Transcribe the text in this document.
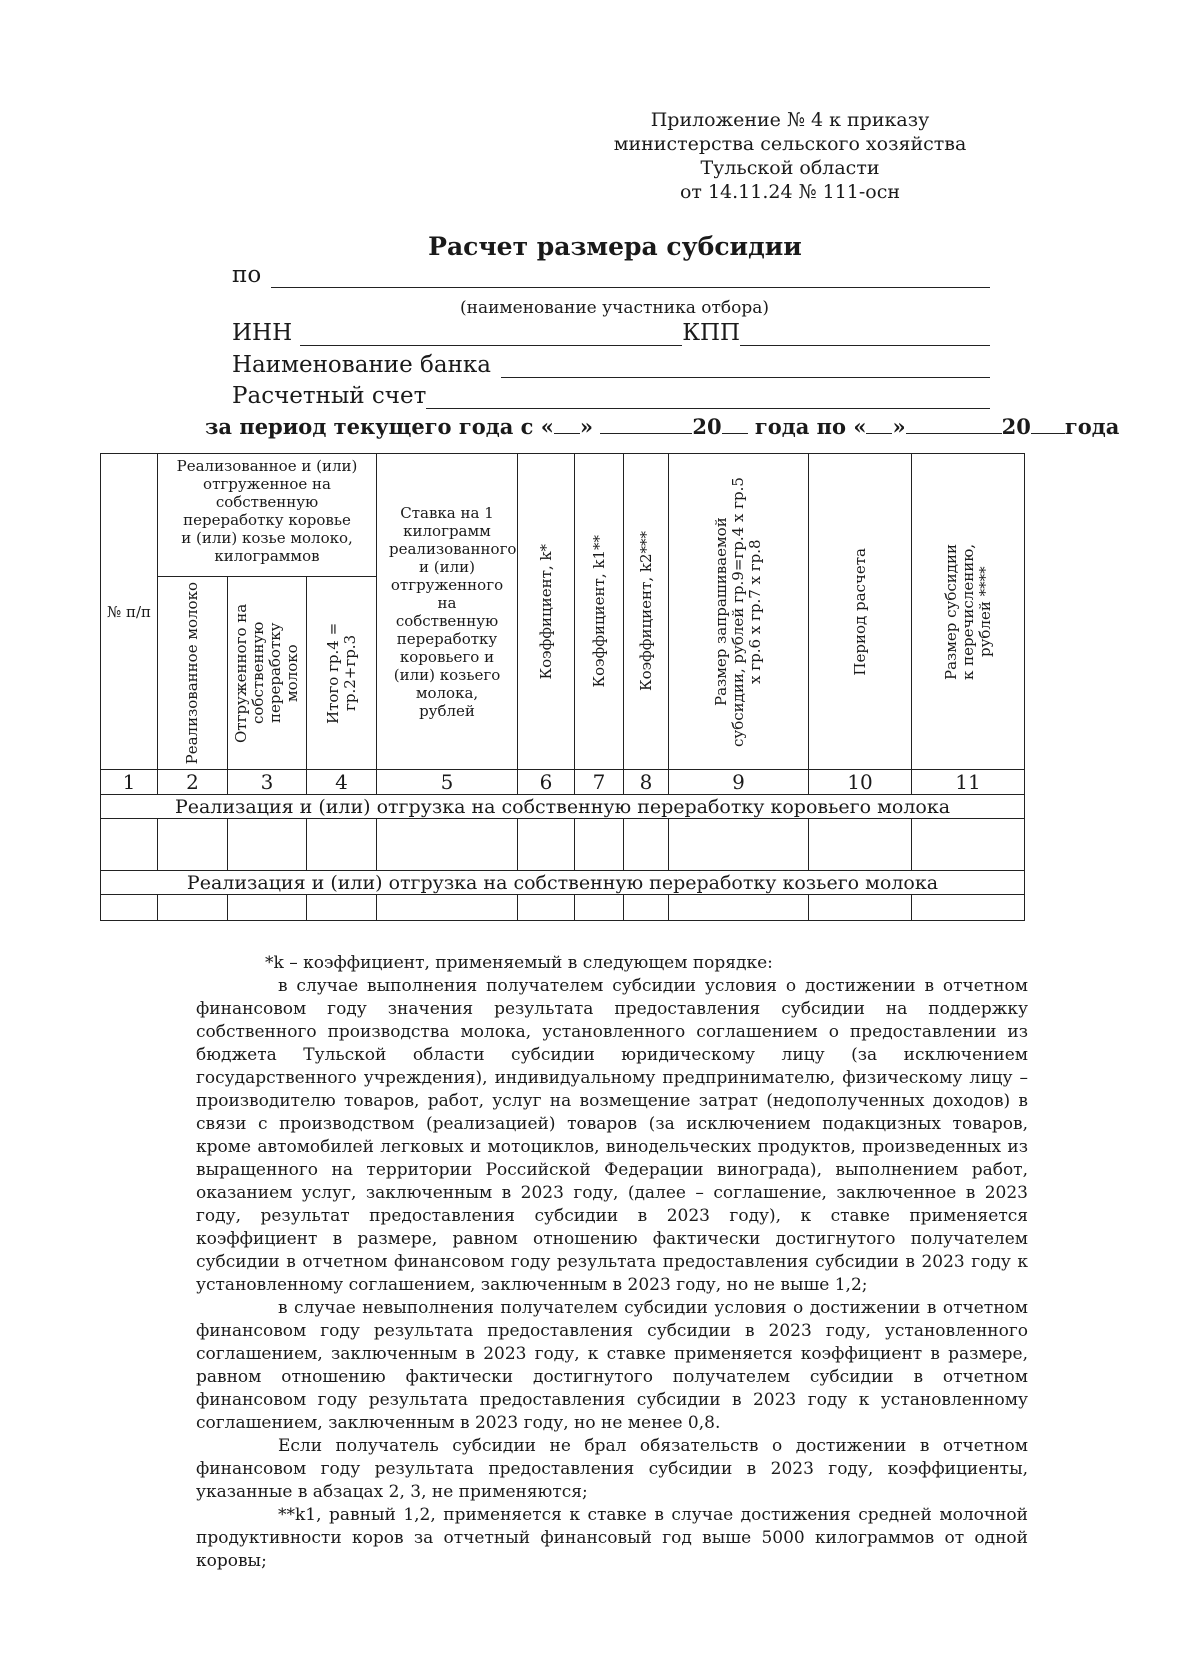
Приложение № 4 к приказу
министерства сельского хозяйства
Тульской области
от 14.11.24 № 111-осн
Расчет размера субсидии
по
(наименование участника отбора)
ИНН	КПП
Наименование банка
Расчетный счет
за период текущего года с « »	20 года по « »	20 года
№ п/п	Реализованное и (или) отгруженное на собственную переработку коровье и (или) козье молоко, килограммов			Ставка на 1 килограмм реализованного и (или) отгруженного на собственную переработку коровьего и (или) козьего молока, рублей	Коэффициент, k*	Коэффициент, k1**	Коэффициент, k2***	Размер запрашиваемой субсидии, рублей гр.9=гр.4 х гр.5 х гр.6 х гр.7 х гр.8	Период расчета	Размер субсидии к перечислению, рублей ****

	Реализованное молоко	Отгруженного на собственную переработку молоко	Итого гр.4 = гр.2+гр.3							

1	2	3	4	5	6	7	8	9	10	11
Реализация и (или) отгрузка на собственную переработку коровьего молока										

Реализация и (или) отгрузка на собственную переработку козьего молока										

*k – коэффициент, применяемый в следующем порядке:

в случае выполнения получателем субсидии условия о достижении в отчетном финансовом году значения результата предоставления субсидии на поддержку собственного производства молока, установленного соглашением о предоставлении из бюджета Тульской области субсидии юридическому лицу (за исключением государственного учреждения), индивидуальному предпринимателю, физическому лицу – производителю товаров, работ, услуг на возмещение затрат (недополученных доходов) в связи с производством (реализацией) товаров (за исключением подакцизных товаров, кроме автомобилей легковых и мотоциклов, винодельческих продуктов, произведенных из выращенного на территории Российской Федерации винограда), выполнением работ, оказанием услуг, заключенным в 2023 году, (далее – соглашение, заключенное в 2023 году, результат предоставления субсидии в 2023 году), к ставке применяется коэффициент в размере, равном отношению фактически достигнутого получателем субсидии в отчетном финансовом году результата предоставления субсидии в 2023 году к установленному соглашением, заключенным в 2023 году, но не выше 1,2;

в случае невыполнения получателем субсидии условия о достижении в отчетном финансовом году результата предоставления субсидии в 2023 году, установленного соглашением, заключенным в 2023 году, к ставке применяется коэффициент в размере, равном отношению фактически достигнутого получателем субсидии в отчетном финансовом году результата предоставления субсидии в 2023 году к установленному соглашением, заключенным в 2023 году, но не менее 0,8.

Если получатель субсидии не брал обязательств о достижении в отчетном финансовом году результата предоставления субсидии в 2023 году, коэффициенты, указанные в абзацах 2, 3, не применяются;

**k1, равный 1,2, применяется к ставке в случае достижения средней молочной продуктивности коров за отчетный финансовый год выше 5000 килограммов от одной коровы;
